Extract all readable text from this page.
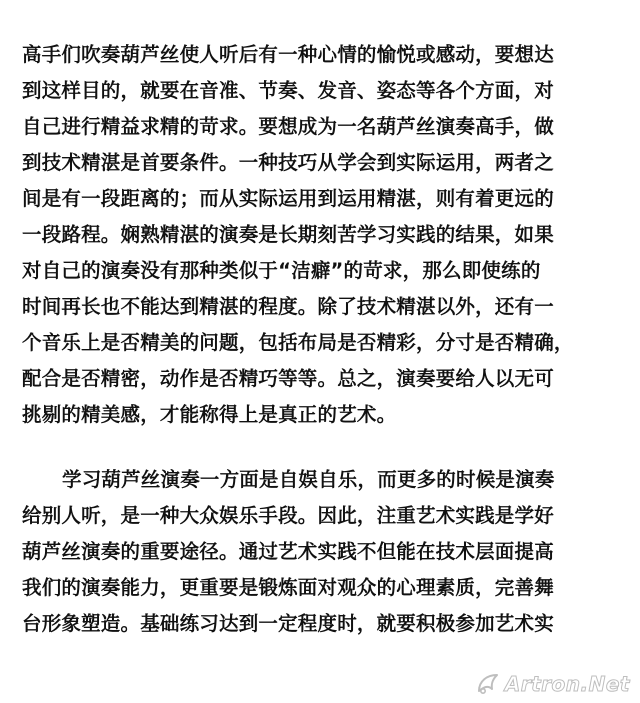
高手们吹奏葫芦丝使人听后有一种心情的愉悦或感动，要想达
到这样目的，就要在音准、节奏、发音、姿态等各个方面，对
自己进行精益求精的苛求。要想成为一名葫芦丝演奏高手，做
到技术精湛是首要条件。一种技巧从学会到实际运用，两者之
间是有一段距离的；而从实际运用到运用精湛，则有着更远的
一段路程。娴熟精湛的演奏是长期刻苦学习实践的结果，如果
对自己的演奏没有那种类似于“洁癖”的苛求，那么即使练的
时间再长也不能达到精湛的程度。除了技术精湛以外，还有一
个音乐上是否精美的问题，包括布局是否精彩，分寸是否精确，
配合是否精密，动作是否精巧等等。总之，演奏要给人以无可
挑剔的精美感，才能称得上是真正的艺术。
学习葫芦丝演奏一方面是自娱自乐，而更多的时候是演奏
给别人听，是一种大众娱乐手段。因此，注重艺术实践是学好
葫芦丝演奏的重要途径。通过艺术实践不但能在技术层面提高
我们的演奏能力，更重要是锻炼面对观众的心理素质，完善舞
台形象塑造。基础练习达到一定程度时，就要积极参加艺术实
Artron.Net
